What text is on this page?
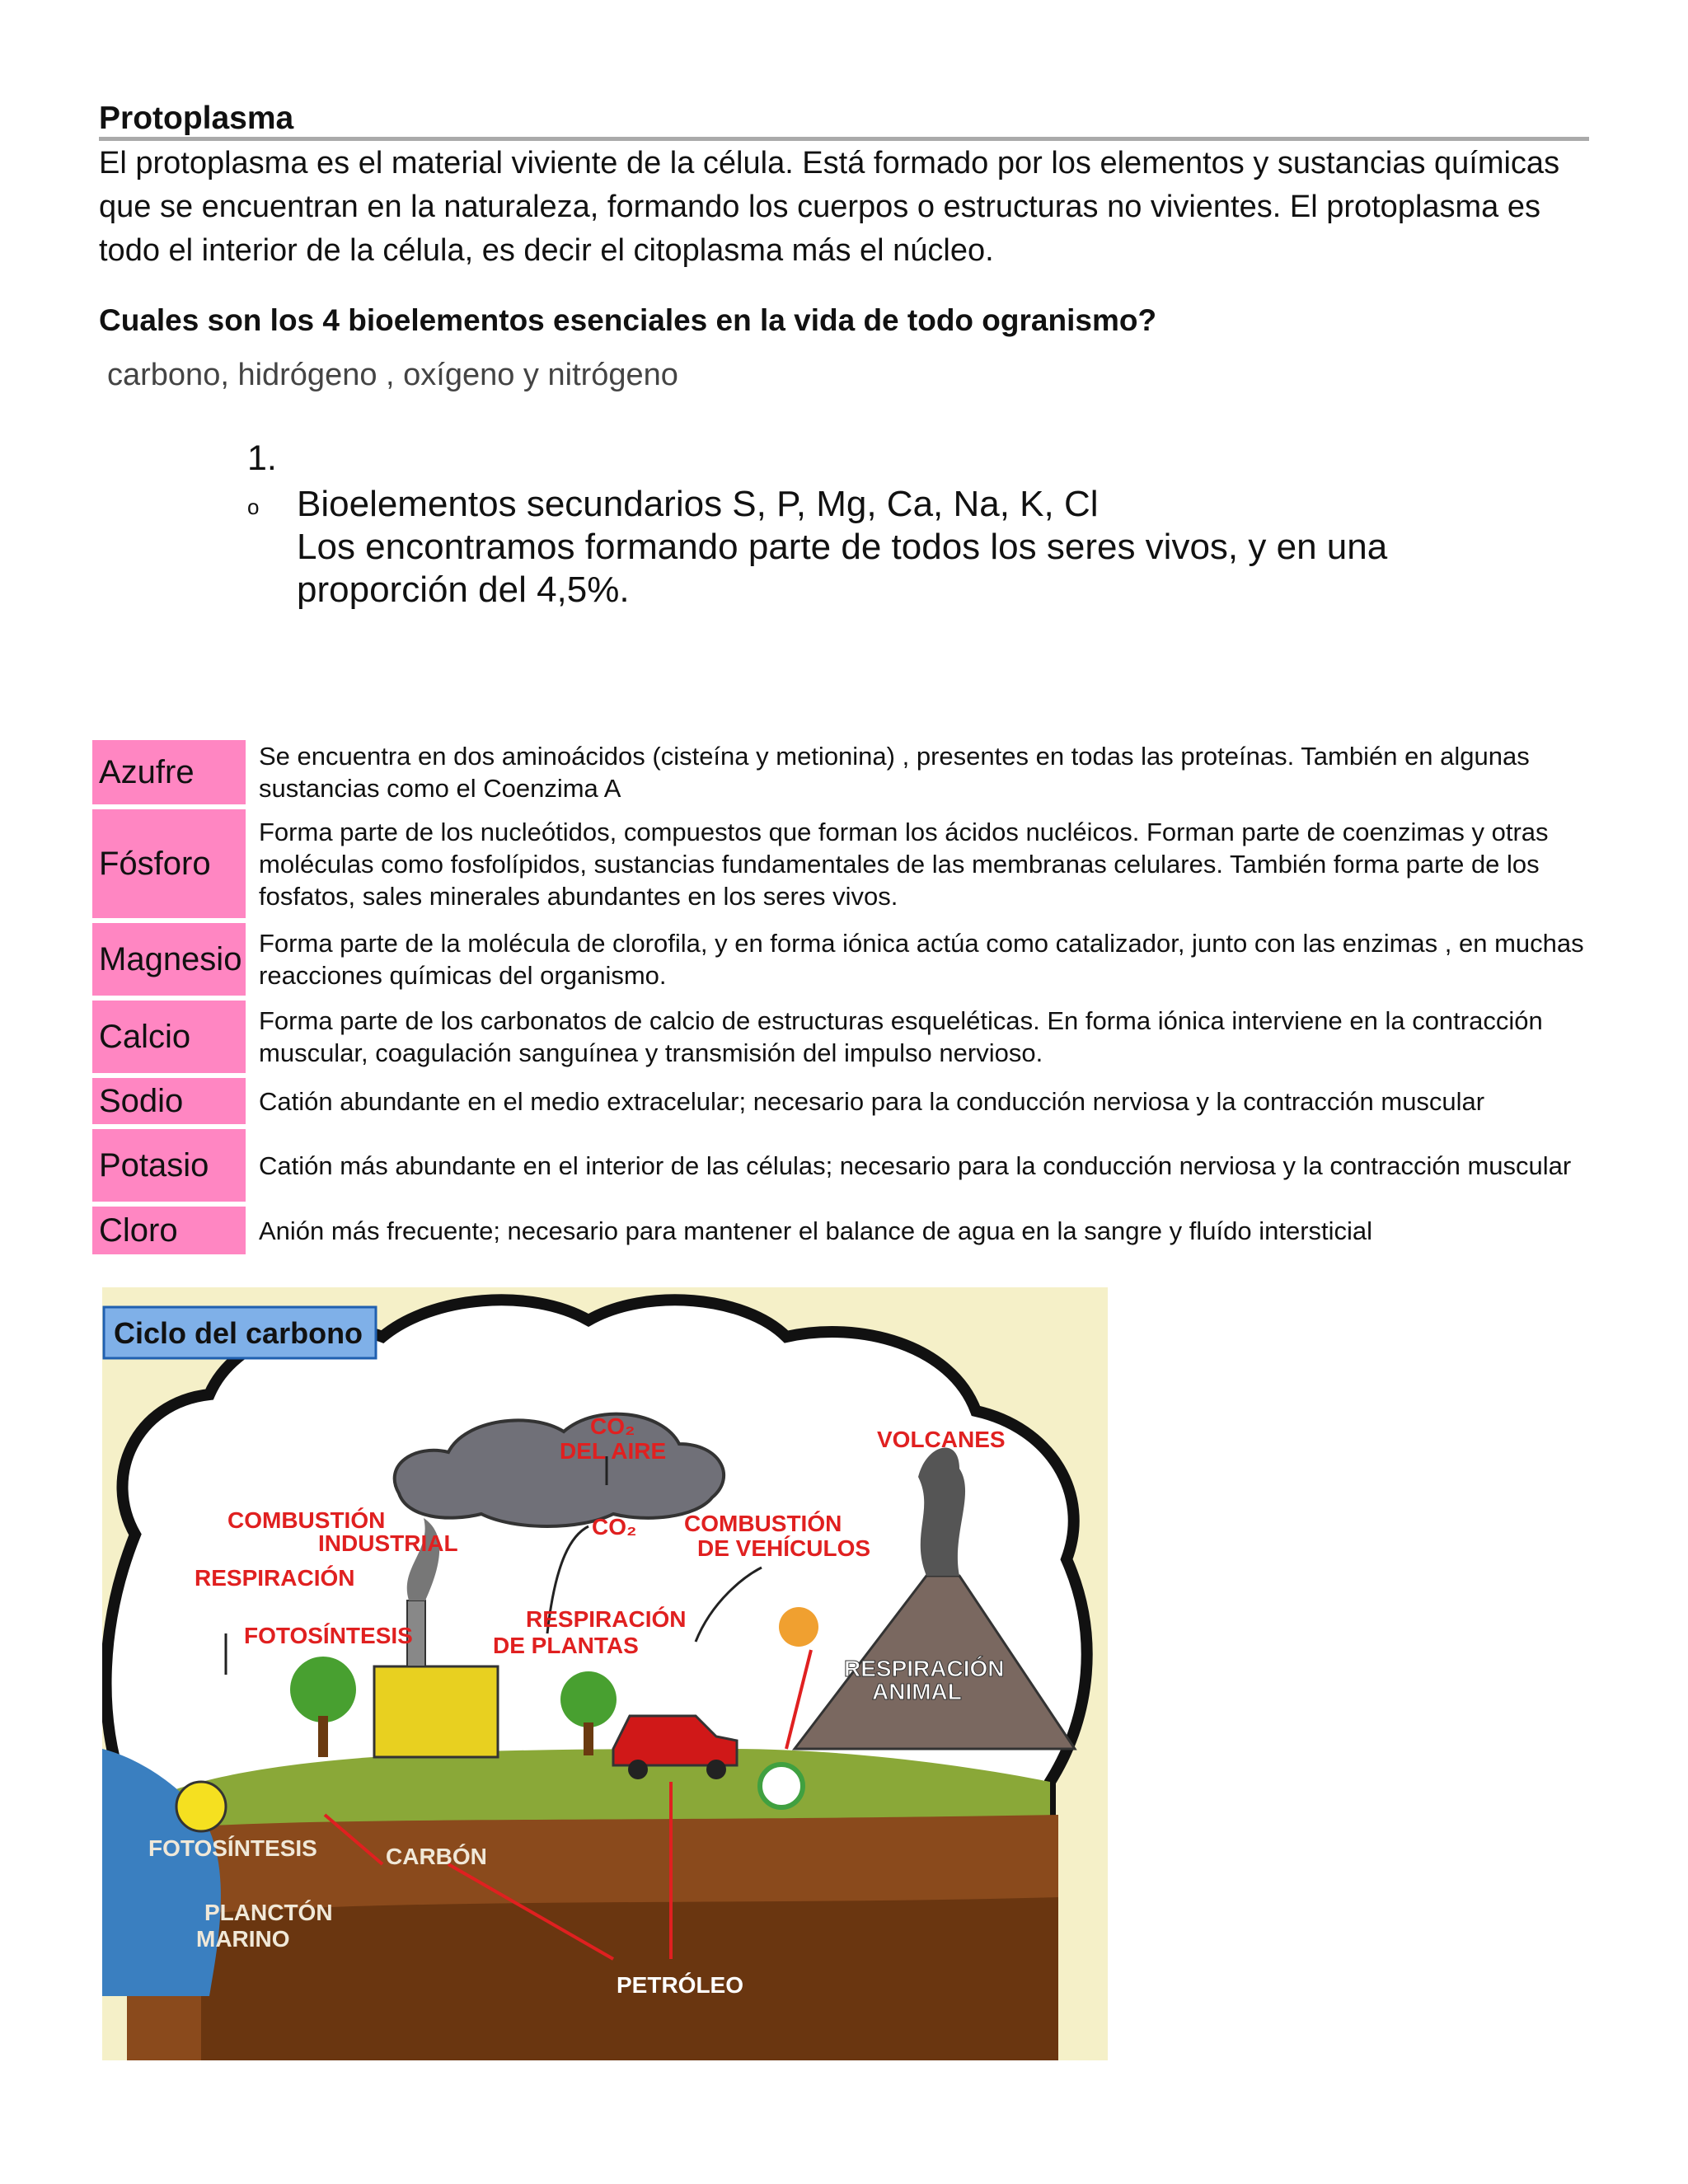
Protoplasma

El protoplasma es el material viviente de la célula. Está formado por los elementos y sustancias químicas que se encuentran en la naturaleza, formando los cuerpos o estructuras no vivientes. El protoplasma es todo el interior de la célula, es decir el citoplasma más el núcleo.

Cuales son los 4 bioelementos esenciales en la vida de todo ogranismo?

carbono, hidrógeno , oxígeno y nitrógeno

1.

o	Bioelementos secundarios S, P, Mg, Ca, Na, K, Cl
Los encontramos formando parte de todos los seres vivos, y en una proporción del 4,5%.
Azufre	Se encuentra en dos aminoácidos (cisteína y metionina) , presentes en todas las proteínas. También en algunas sustancias como el Coenzima A
Fósforo	Forma parte de los nucleótidos, compuestos que forman los ácidos nucléicos. Forman parte de coenzimas y otras moléculas como fosfolípidos, sustancias fundamentales de las membranas celulares. También forma parte de los fosfatos, sales minerales abundantes en los seres vivos.
Magnesio	Forma parte de la molécula de clorofila, y en forma iónica actúa como catalizador, junto con las enzimas , en muchas reacciones químicas del organismo.
Calcio	Forma parte de los carbonatos de calcio de estructuras esqueléticas. En forma iónica interviene en la contracción muscular, coagulación sanguínea y transmisión del impulso nervioso.
Sodio	Catión abundante en el medio extracelular; necesario para la conducción nerviosa y la contracción muscular
Potasio	Catión más abundante en el interior de las células; necesario para la conducción nerviosa y la contracción muscular
Cloro	Anión más frecuente; necesario para mantener el balance de agua en la sangre y fluído intersticial
Ciclo del carbono
CO₂
DEL AIRE
CO₂
VOLCANES
COMBUSTIÓN
INDUSTRIAL
COMBUSTIÓN
DE VEHÍCULOS
RESPIRACIÓN
FOTOSÍNTESIS
RESPIRACIÓN
DE PLANTAS
PETRÓLEO
RESPIRACIÓN
ANIMAL
FOTOSÍNTESIS	CARBÓN
PLANCTÓN
MARINO
